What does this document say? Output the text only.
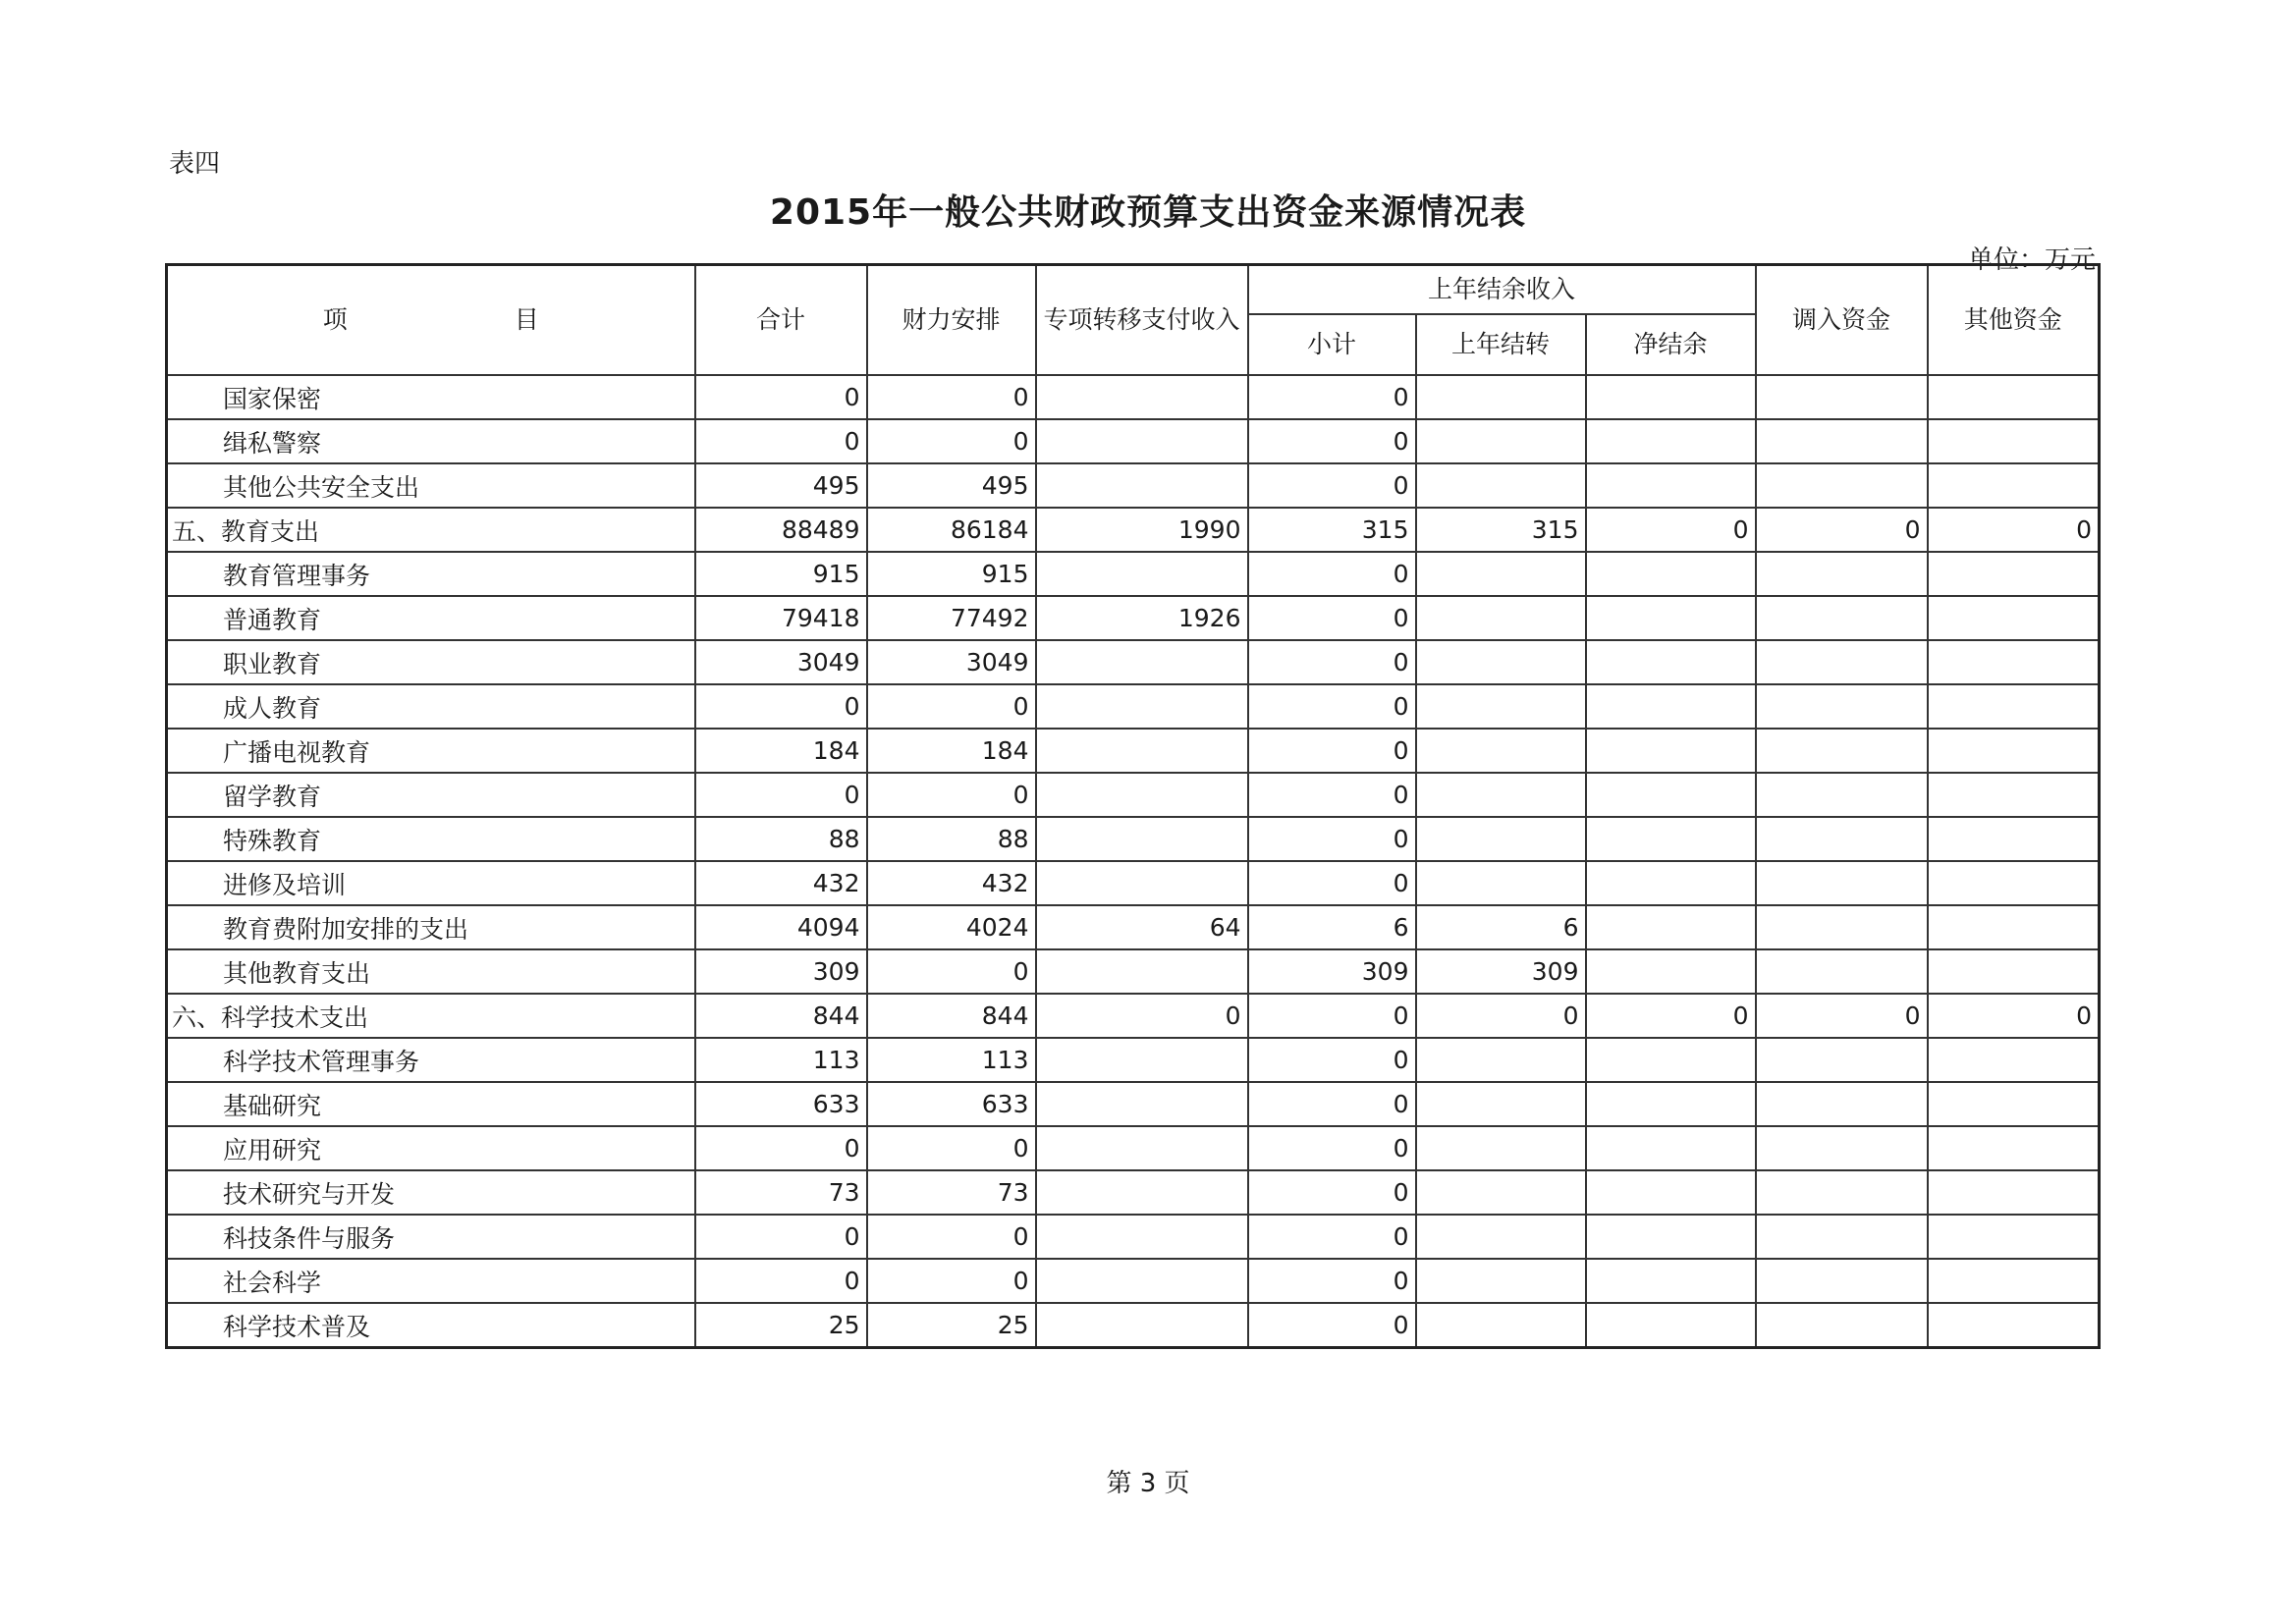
表四
2015年一般公共财政预算支出资金来源情况表
单位：万元
项 目	合计	财力安排	专项转移支付收入	上年结余收入			调入资金	其他资金
				小计	上年结转	净结余		
国家保密	0	0		0				
缉私警察	0	0		0				
其他公共安全支出	495	495		0				
五、教育支出	88489	86184	1990	315	315	0	0	0
教育管理事务	915	915		0				
普通教育	79418	77492	1926	0				
职业教育	3049	3049		0				
成人教育	0	0		0				
广播电视教育	184	184		0				
留学教育	0	0		0				
特殊教育	88	88		0				
进修及培训	432	432		0				
教育费附加安排的支出	4094	4024	64	6	6			
其他教育支出	309	0		309	309			
六、科学技术支出	844	844	0	0	0	0	0	0
科学技术管理事务	113	113		0				
基础研究	633	633		0				
应用研究	0	0		0				
技术研究与开发	73	73		0				
科技条件与服务	0	0		0				
社会科学	0	0		0				
科学技术普及	25	25		0				
第 3 页
